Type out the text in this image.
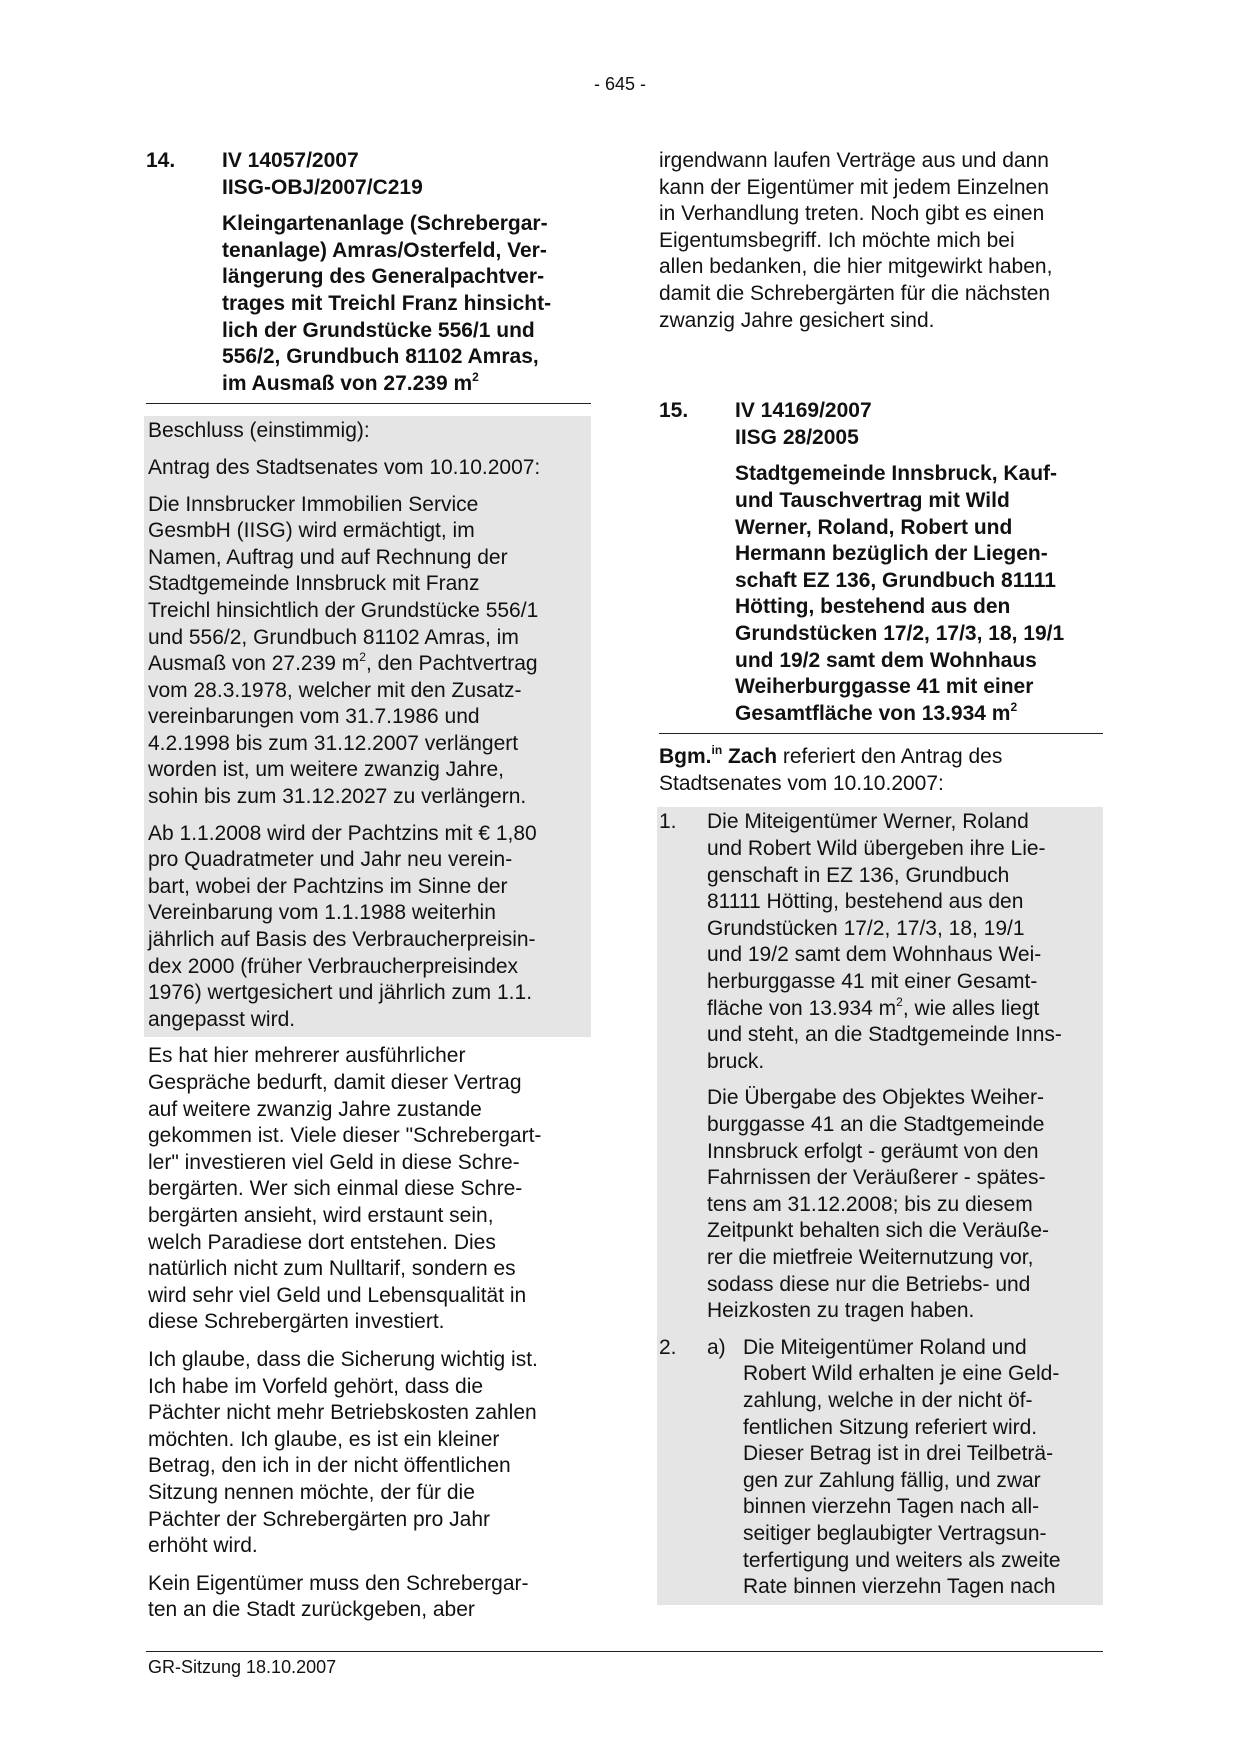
- 645 -
14.	IV 14057/2007
IISG-OBJ/2007/C219
Kleingartenanlage (Schrebergar-
tenanlage) Amras/Osterfeld, Ver-
längerung des Generalpachtver-
trages mit Treichl Franz hinsicht-
lich der Grundstücke 556/1 und
556/2, Grundbuch 81102 Amras,
im Ausmaß von 27.239 $m^2$

Beschluss (einstimmig):

Antrag des Stadtsenates vom 10.10.2007:

Die Innsbrucker Immobilien Service
GesmbH (IISG) wird ermächtigt, im
Namen, Auftrag und auf Rechnung der
Stadtgemeinde Innsbruck mit Franz
Treichl hinsichtlich der Grundstücke 556/1
und 556/2, Grundbuch 81102 Amras, im
Ausmaß von 27.239 $m^2$, den Pachtvertrag
vom 28.3.1978, welcher mit den Zusatz-
vereinbarungen vom 31.7.1986 und
4.2.1998 bis zum 31.12.2007 verlängert
worden ist, um weitere zwanzig Jahre,
sohin bis zum 31.12.2027 zu verlängern.

Ab 1.1.2008 wird der Pachtzins mit € 1,80
pro Quadratmeter und Jahr neu verein-
bart, wobei der Pachtzins im Sinne der
Vereinbarung vom 1.1.1988 weiterhin
jährlich auf Basis des Verbraucherpreisin-
dex 2000 (früher Verbraucherpreisindex
1976) wertgesichert und jährlich zum 1.1.
angepasst wird.

Es hat hier mehrerer ausführlicher
Gespräche bedurft, damit dieser Vertrag
auf weitere zwanzig Jahre zustande
gekommen ist. Viele dieser "Schrebergart-
ler" investieren viel Geld in diese Schre-
bergärten. Wer sich einmal diese Schre-
bergärten ansieht, wird erstaunt sein,
welch Paradiese dort entstehen. Dies
natürlich nicht zum Nulltarif, sondern es
wird sehr viel Geld und Lebensqualität in
diese Schrebergärten investiert.

Ich glaube, dass die Sicherung wichtig ist.
Ich habe im Vorfeld gehört, dass die
Pächter nicht mehr Betriebskosten zahlen
möchten. Ich glaube, es ist ein kleiner
Betrag, den ich in der nicht öffentlichen
Sitzung nennen möchte, der für die
Pächter der Schrebergärten pro Jahr
erhöht wird.

Kein Eigentümer muss den Schrebergar-
ten an die Stadt zurückgeben, aber

irgendwann laufen Verträge aus und dann
kann der Eigentümer mit jedem Einzelnen
in Verhandlung treten. Noch gibt es einen
Eigentumsbegriff. Ich möchte mich bei
allen bedanken, die hier mitgewirkt haben,
damit die Schrebergärten für die nächsten
zwanzig Jahre gesichert sind.

15.	IV 14169/2007
IISG 28/2005
Stadtgemeinde Innsbruck, Kauf-
und Tauschvertrag mit Wild
Werner, Roland, Robert und
Hermann bezüglich der Liegen-
schaft EZ 136, Grundbuch 81111
Hötting, bestehend aus den
Grundstücken 17/2, 17/3, 18, 19/1
und 19/2 samt dem Wohnhaus
Weiherburggasse 41 mit einer
Gesamtfläche von 13.934 $m^2$

Bgm.$^{in}$ Zach referiert den Antrag des
Stadtsenates vom 10.10.2007:

1.	Die Miteigentümer Werner, Roland
und Robert Wild übergeben ihre Lie-
genschaft in EZ 136, Grundbuch
81111 Hötting, bestehend aus den
Grundstücken 17/2, 17/3, 18, 19/1
und 19/2 samt dem Wohnhaus Wei-
herburggasse 41 mit einer Gesamt-
fläche von 13.934 $m^2$, wie alles liegt
und steht, an die Stadtgemeinde Inns-
bruck.

Die Übergabe des Objektes Weiher-
burggasse 41 an die Stadtgemeinde
Innsbruck erfolgt - geräumt von den
Fahrnissen der Veräußerer - spätes-
tens am 31.12.2008; bis zu diesem
Zeitpunkt behalten sich die Veräuße-
rer die mietfreie Weiternutzung vor,
sodass diese nur die Betriebs- und
Heizkosten zu tragen haben.

2.	a) Die Miteigentümer Roland und
Robert Wild erhalten je eine Geld-
zahlung, welche in der nicht öf-
fentlichen Sitzung referiert wird.
Dieser Betrag ist in drei Teilbeträ-
gen zur Zahlung fällig, und zwar
binnen vierzehn Tagen nach all-
seitiger beglaubigter Vertragsun-
terfertigung und weiters als zweite
Rate binnen vierzehn Tagen nach

GR-Sitzung 18.10.2007
